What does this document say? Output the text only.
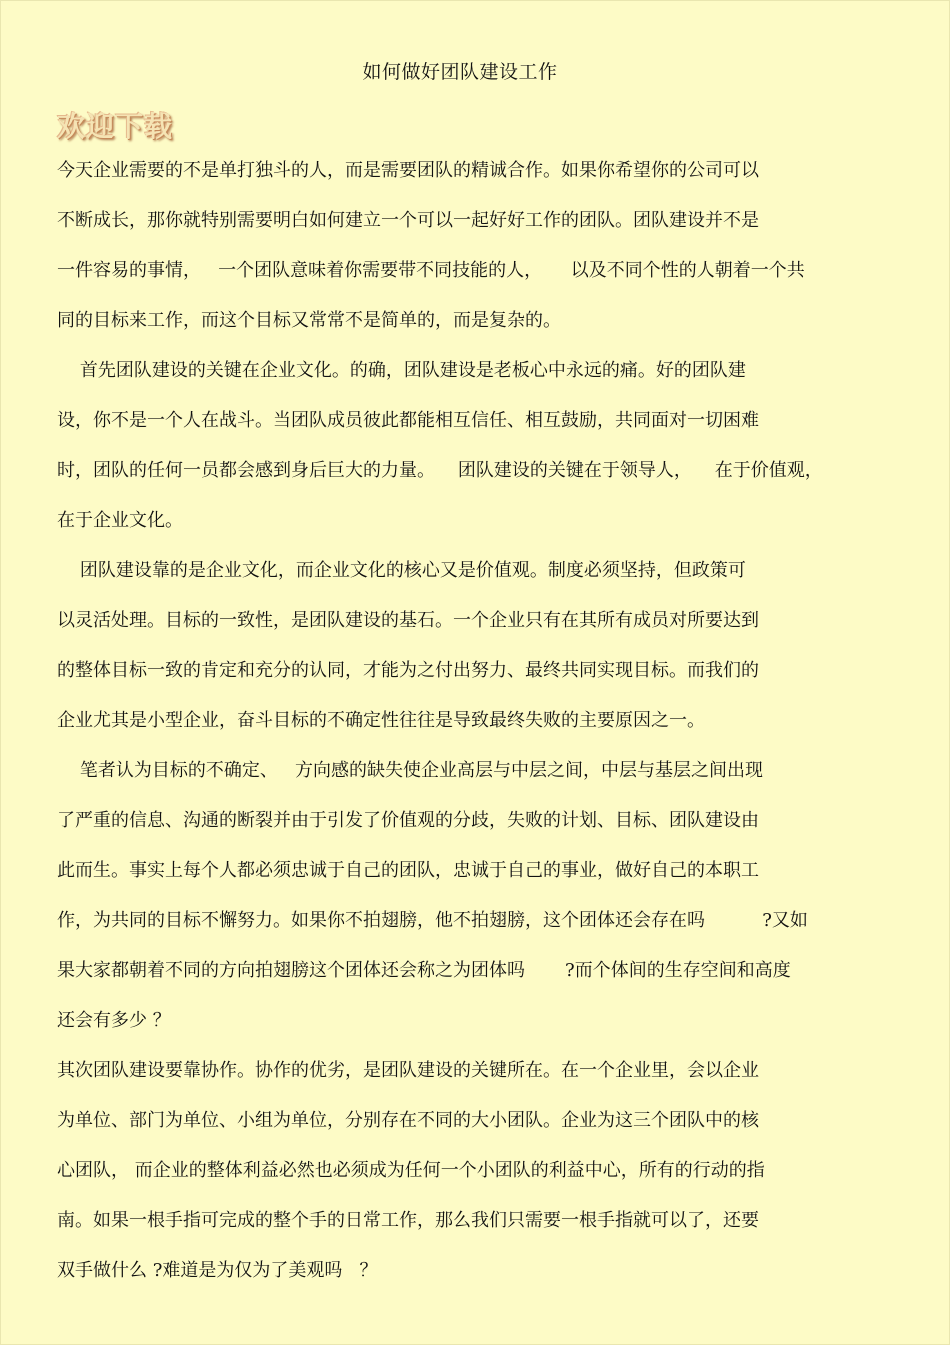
如何做好团队建设工作
欢迎下载
今天企业需要的不是单打独斗的人，而是需要团队的精诚合作。如果你希望你的公司可以
不断成长，那你就特别需要明白如何建立一个可以一起好好工作的团队。团队建设并不是
一件容易的事情，   一个团队意味着你需要带不同技能的人，     以及不同个性的人朝着一个共
同的目标来工作，而这个目标又常常不是简单的，而是复杂的。
首先团队建设的关键在企业文化。的确，团队建设是老板心中永远的痛。好的团队建
设，你不是一个人在战斗。当团队成员彼此都能相互信任、相互鼓励，共同面对一切困难
时，团队的任何一员都会感到身后巨大的力量。    团队建设的关键在于领导人，    在于价值观，
在于企业文化。
团队建设靠的是企业文化，而企业文化的核心又是价值观。制度必须坚持，但政策可
以灵活处理。目标的一致性，是团队建设的基石。一个企业只有在其所有成员对所要达到
的整体目标一致的肯定和充分的认同，才能为之付出努力、最终共同实现目标。而我们的
企业尤其是小型企业，奋斗目标的不确定性往往是导致最终失败的主要原因之一。
笔者认为目标的不确定、   方向感的缺失使企业高层与中层之间，中层与基层之间出现
了严重的信息、沟通的断裂并由于引发了价值观的分歧，失败的计划、目标、团队建设由
此而生。事实上每个人都必须忠诚于自己的团队，忠诚于自己的事业，做好自己的本职工
作，为共同的目标不懈努力。如果你不拍翅膀，他不拍翅膀，这个团体还会存在吗          ?又如
果大家都朝着不同的方向拍翅膀这个团体还会称之为团体吗       ?而个体间的生存空间和高度
还会有多少 ？
其次团队建设要靠协作。协作的优劣，是团队建设的关键所在。在一个企业里，会以企业
为单位、部门为单位、小组为单位，分别存在不同的大小团队。企业为这三个团队中的核
心团队， 而企业的整体利益必然也必须成为任何一个小团队的利益中心，所有的行动的指
南。如果一根手指可完成的整个手的日常工作，那么我们只需要一根手指就可以了，还要
双手做什么 ?难道是为仅为了美观吗   ？
